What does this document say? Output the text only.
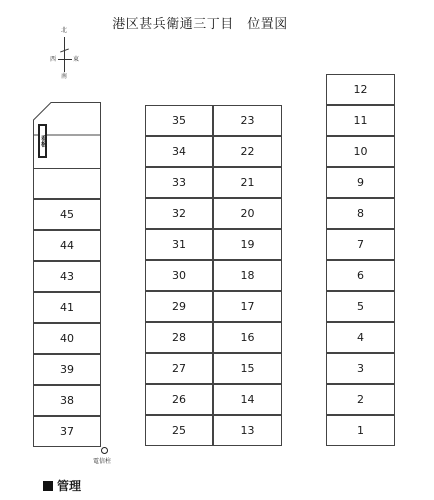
港区甚兵衛通三丁目　位置図
北
西	東
南
45
44
43
41
40
39
38
37
35
34
33
32
31
30
29
28
27
26
25
23
22
21
20
19
18
17
16
15
14
13
12
11
10
9
8
7
6
5
4
3
2
1
看板
電信柱
管理
